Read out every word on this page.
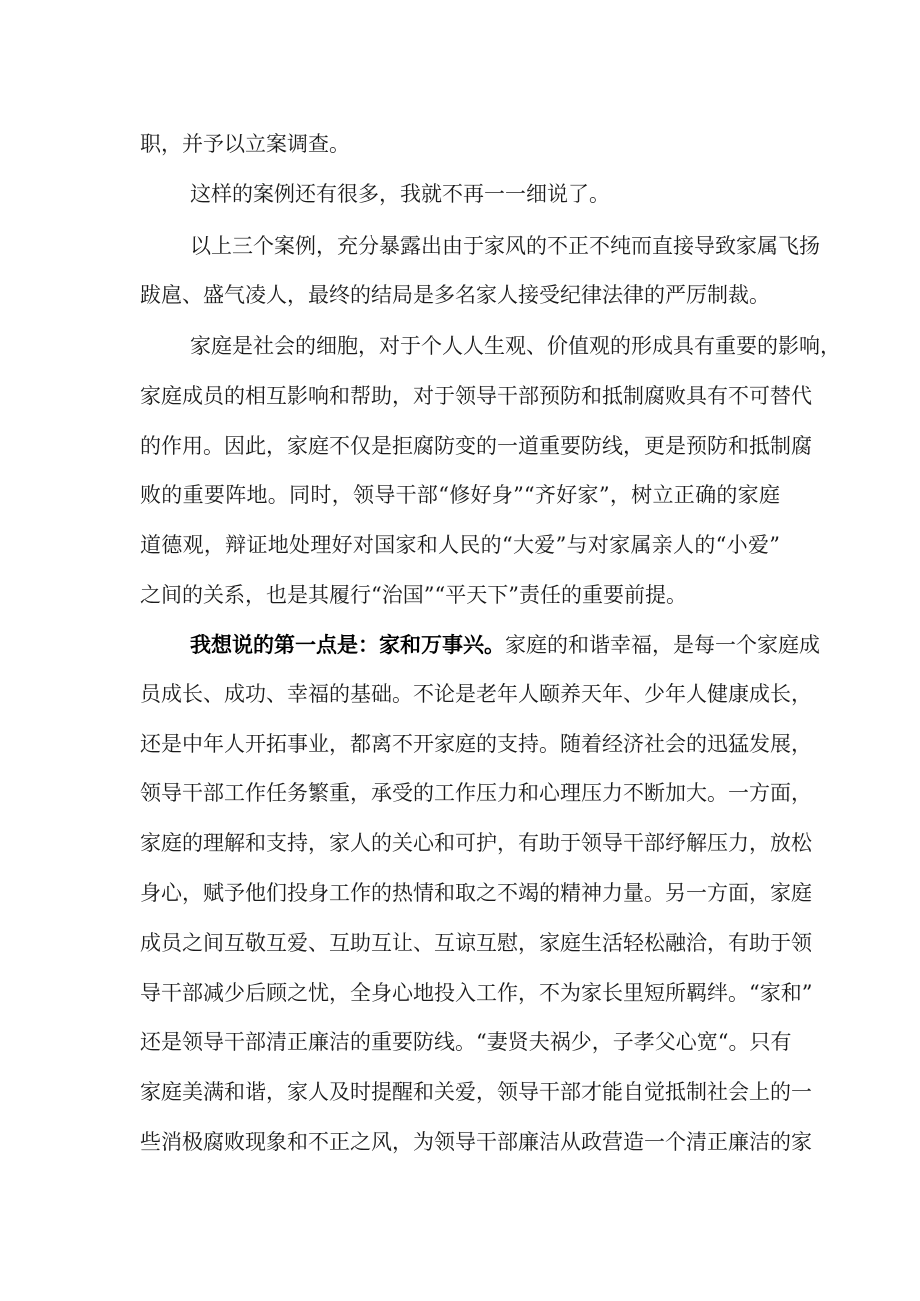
职，并予以立案调查。
这样的案例还有很多，我就不再一一细说了。
以上三个案例，充分暴露出由于家风的不正不纯而直接导致家属飞扬
跋扈、盛气凌人，最终的结局是多名家人接受纪律法律的严厉制裁。
家庭是社会的细胞，对于个人人生观、价值观的形成具有重要的影响，
家庭成员的相互影响和帮助，对于领导干部预防和抵制腐败具有不可替代
的作用。因此，家庭不仅是拒腐防变的一道重要防线，更是预防和抵制腐
败的重要阵地。同时，领导干部“修好身”“齐好家”，树立正确的家庭
道德观，辩证地处理好对国家和人民的“大爱”与对家属亲人的“小爱”
之间的关系，也是其履行“治国”“平天下”责任的重要前提。
我想说的第一点是：家和万事兴。家庭的和谐幸福，是每一个家庭成
员成长、成功、幸福的基础。不论是老年人颐养天年、少年人健康成长，
还是中年人开拓事业，都离不开家庭的支持。随着经济社会的迅猛发展，
领导干部工作任务繁重，承受的工作压力和心理压力不断加大。一方面，
家庭的理解和支持，家人的关心和可护，有助于领导干部纾解压力，放松
身心，赋予他们投身工作的热情和取之不竭的精神力量。另一方面，家庭
成员之间互敬互爱、互助互让、互谅互慰，家庭生活轻松融洽，有助于领
导干部减少后顾之忧，全身心地投入工作，不为家长里短所羁绊。“家和”
还是领导干部清正廉洁的重要防线。“妻贤夫祸少，子孝父心宽“。只有
家庭美满和谐，家人及时提醒和关爱，领导干部才能自觉抵制社会上的一
些消极腐败现象和不正之风，为领导干部廉洁从政营造一个清正廉洁的家
